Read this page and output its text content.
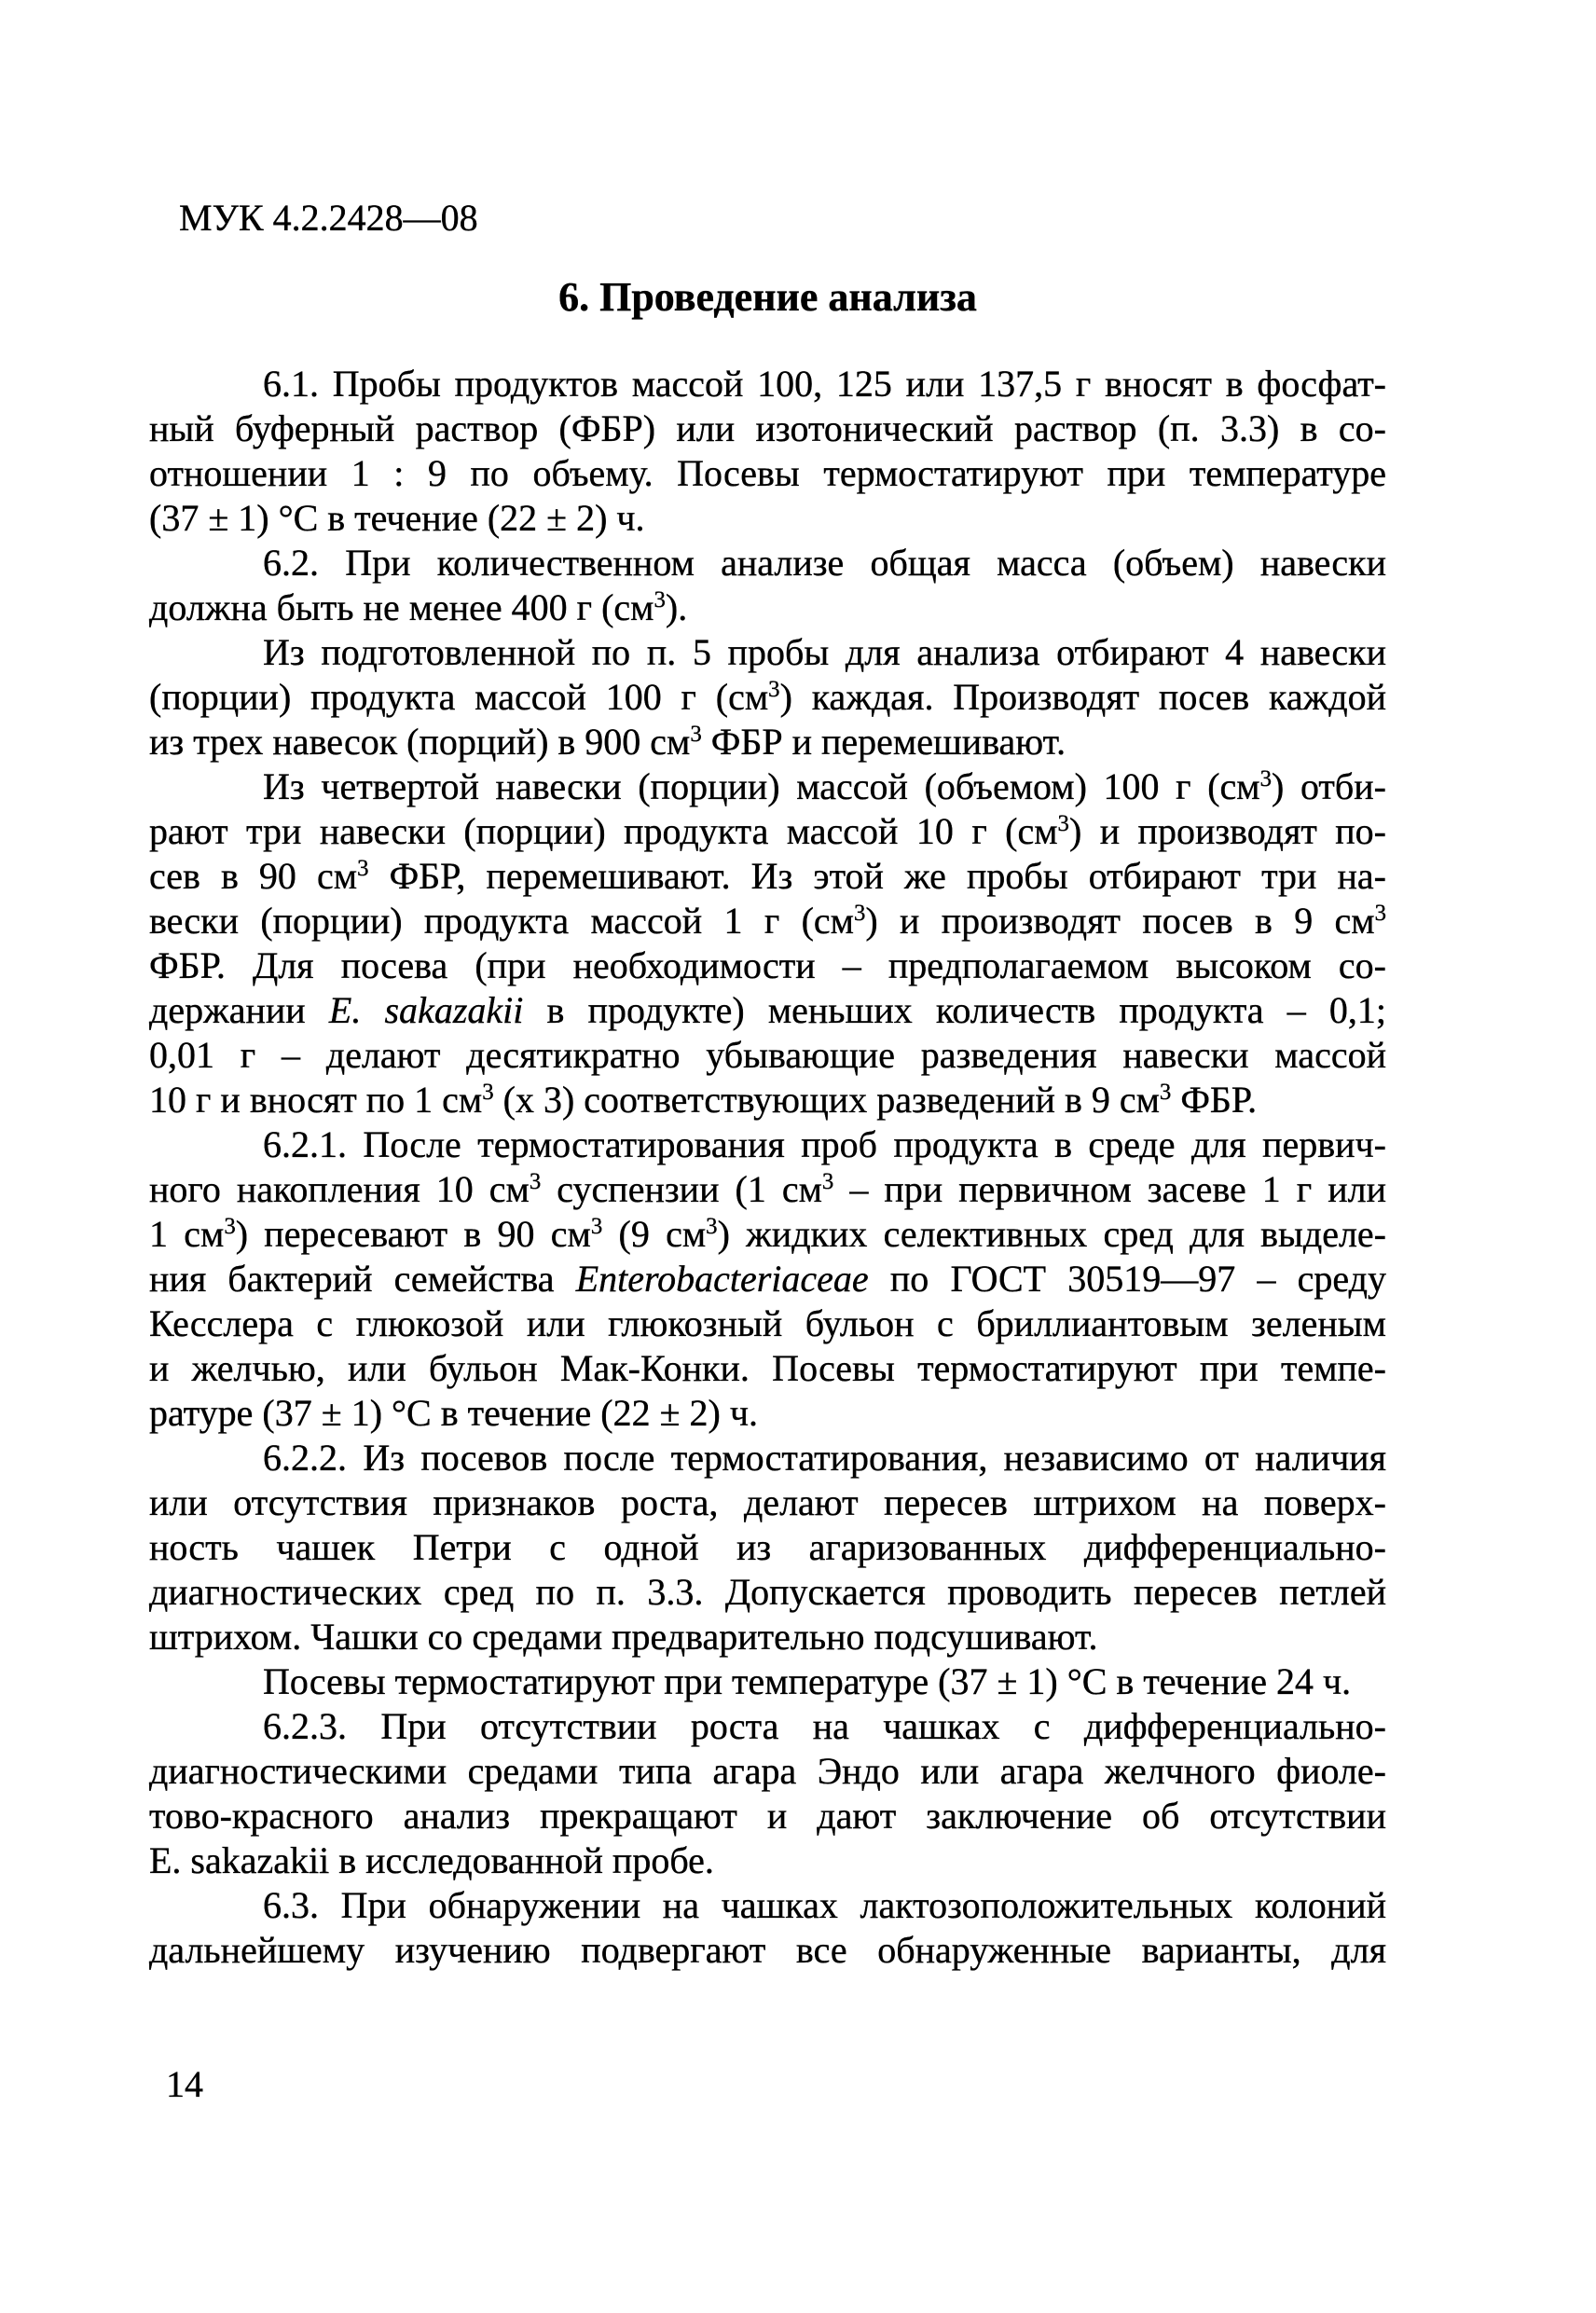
МУК 4.2.2428—08
6. Проведение анализа
6.1. Пробы продуктов массой 100, 125 или 137,5 г вносят в фосфат-
ный буферный раствор (ФБР) или изотонический раствор (п. 3.3) в со-
отношении 1 : 9 по объему. Посевы термостатируют при температуре
(37 ± 1) °С в течение (22 ± 2) ч.
6.2. При количественном анализе общая масса (объем) навески
должна быть не менее 400 г $(см^3)$.
Из подготовленной по п. 5 пробы для анализа отбирают 4 навески
(порции) продукта массой 100 г $(см^3)$ каждая. Производят посев каждой
из трех навесок (порций) в 900 $см^3$ ФБР и перемешивают.
Из четвертой навески (порции) массой (объемом) 100 г $(см^3)$ отби-
рают три навески (порции) продукта массой 10 г $(см^3)$ и производят по-
сев в 90 $см^3$ ФБР, перемешивают. Из этой же пробы отбирают три на-
вески (порции) продукта массой 1 г $(см^3)$ и производят посев в 9 $см^3$
ФБР. Для посева (при необходимости – предполагаемом высоком со-
держании E. sakazakii в продукте) меньших количеств продукта – 0,1;
0,01 г – делают десятикратно убывающие разведения навески массой
10 г и вносят по 1 $см^3$ (х 3) соответствующих разведений в 9 $см^3$ ФБР.
6.2.1. После термостатирования проб продукта в среде для первич-
ного накопления 10 $см^3$ суспензии (1 $см^3$ – при первичном засеве 1 г или
1 $см^3$) пересевают в 90 $см^3$ (9 $см^3$) жидких селективных сред для выделе-
ния бактерий семейства Enterobacteriaceae по ГОСТ 30519—97 – среду
Кесслера с глюкозой или глюкозный бульон с бриллиантовым зеленым
и желчью, или бульон Мак-Конки. Посевы термостатируют при темпе-
ратуре (37 ± 1) °С в течение (22 ± 2) ч.
6.2.2. Из посевов после термостатирования, независимо от наличия
или отсутствия признаков роста, делают пересев штрихом на поверх-
ность чашек Петри с одной из агаризованных дифференциально-
диагностических сред по п. 3.3. Допускается проводить пересев петлей
штрихом. Чашки со средами предварительно подсушивают.
Посевы термостатируют при температуре (37 ± 1) °С в течение 24 ч.
6.2.3. При отсутствии роста на чашках с дифференциально-
диагностическими средами типа агара Эндо или агара желчного фиоле-
тово-красного анализ прекращают и дают заключение об отсутствии
E. sakazakii в исследованной пробе.
6.3. При обнаружении на чашках лактозоположительных колоний
дальнейшему изучению подвергают все обнаруженные варианты, для
14
